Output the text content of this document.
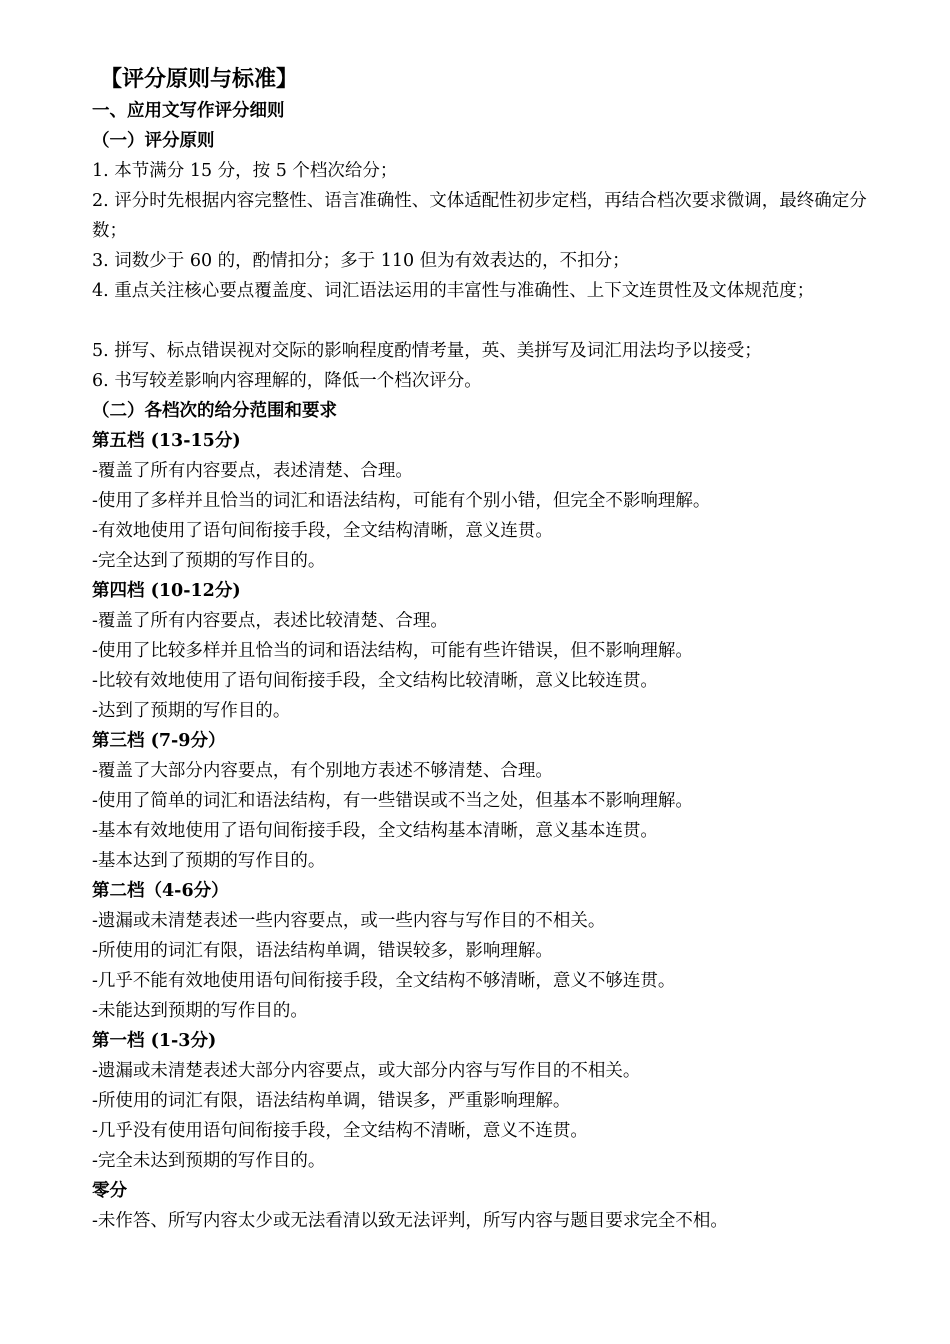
【评分原则与标准】
一、应用文写作评分细则
（一）评分原则
1. 本节满分 15 分，按 5 个档次给分；
2. 评分时先根据内容完整性、语言准确性、文体适配性初步定档，再结合档次要求微调，最终确定分数；
3. 词数少于 60 的，酌情扣分；多于 110 但为有效表达的，不扣分；
4. 重点关注核心要点覆盖度、词汇语法运用的丰富性与准确性、上下文连贯性及文体规范度；
5. 拼写、标点错误视对交际的影响程度酌情考量，英、美拼写及词汇用法均予以接受；
6. 书写较差影响内容理解的，降低一个档次评分。
（二）各档次的给分范围和要求
第五档 (13-15分)
-覆盖了所有内容要点，表述清楚、合理。
-使用了多样并且恰当的词汇和语法结构，可能有个别小错，但完全不影响理解。
-有效地使用了语句间衔接手段，全文结构清晰，意义连贯。
-完全达到了预期的写作目的。
第四档 (10-12分)
-覆盖了所有内容要点，表述比较清楚、合理。
-使用了比较多样并且恰当的词和语法结构，可能有些许错误，但不影响理解。
-比较有效地使用了语句间衔接手段，全文结构比较清晰，意义比较连贯。
-达到了预期的写作目的。
第三档 (7-9分）
-覆盖了大部分内容要点，有个别地方表述不够清楚、合理。
-使用了简单的词汇和语法结构，有一些错误或不当之处，但基本不影响理解。
-基本有效地使用了语句间衔接手段，全文结构基本清晰，意义基本连贯。
-基本达到了预期的写作目的。
第二档（4-6分）
-遗漏或未清楚表述一些内容要点，或一些内容与写作目的不相关。
-所使用的词汇有限，语法结构单调，错误较多，影响理解。
-几乎不能有效地使用语句间衔接手段，全文结构不够清晰，意义不够连贯。
-未能达到预期的写作目的。
第一档 (1-3分)
-遗漏或未清楚表述大部分内容要点，或大部分内容与写作目的不相关。
-所使用的词汇有限，语法结构单调，错误多，严重影响理解。
-几乎没有使用语句间衔接手段，全文结构不清晰，意义不连贯。
-完全未达到预期的写作目的。
零分
-未作答、所写内容太少或无法看清以致无法评判，所写内容与题目要求完全不相。
